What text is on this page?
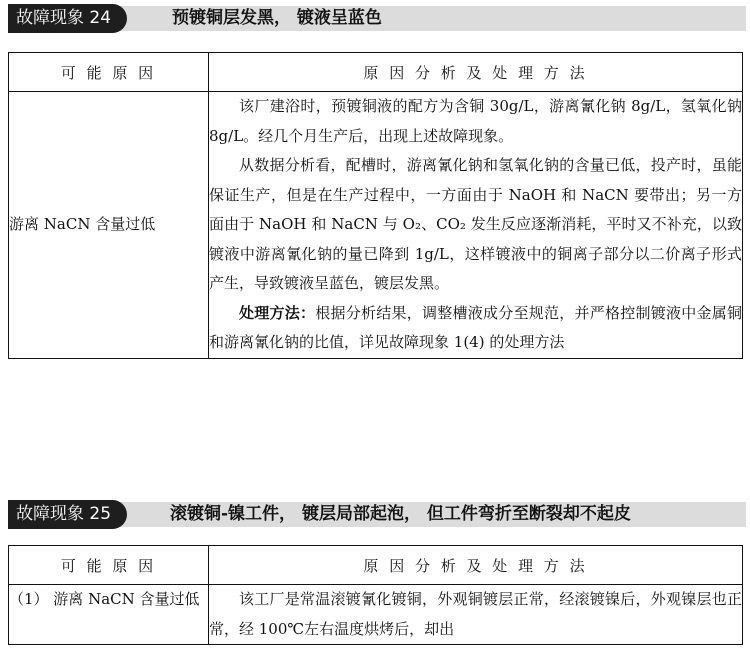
故障现象 24	预镀铜层发黑， 镀液呈蓝色
可 能 原 因	原 因 分 析 及 处 理 方 法
游离 NaCN 含量过低	该厂建浴时，预镀铜液的配方为含铜 30g/L，游离氰化钠 8g/L，氢氧化钠 8g/L。经几个月生产后，出现上述故障现象。

从数据分析看，配槽时，游离氰化钠和氢氧化钠的含量已低，投产时，虽能保证生产，但是在生产过程中，一方面由于 NaOH 和 NaCN 要带出；另一方面由于 NaOH 和 NaCN 与 O₂、CO₂ 发生反应逐渐消耗，平时又不补充，以致镀液中游离氰化钠的量已降到 1g/L，这样镀液中的铜离子部分以二价离子形式产生，导致镀液呈蓝色，镀层发黑。

处理方法：根据分析结果，调整槽液成分至规范，并严格控制镀液中金属铜和游离氰化钠的比值，详见故障现象 1(4) 的处理方法

故障现象 25	滚镀铜-镍工件， 镀层局部起泡， 但工件弯折至断裂却不起皮
可 能 原 因	原 因 分 析 及 处 理 方 法
（1） 游离 NaCN 含量过低	该工厂是常温滚镀氰化镀铜，外观铜镀层正常，经滚镀镍后，外观镍层也正常，经 100℃左右温度烘烤后，却出
